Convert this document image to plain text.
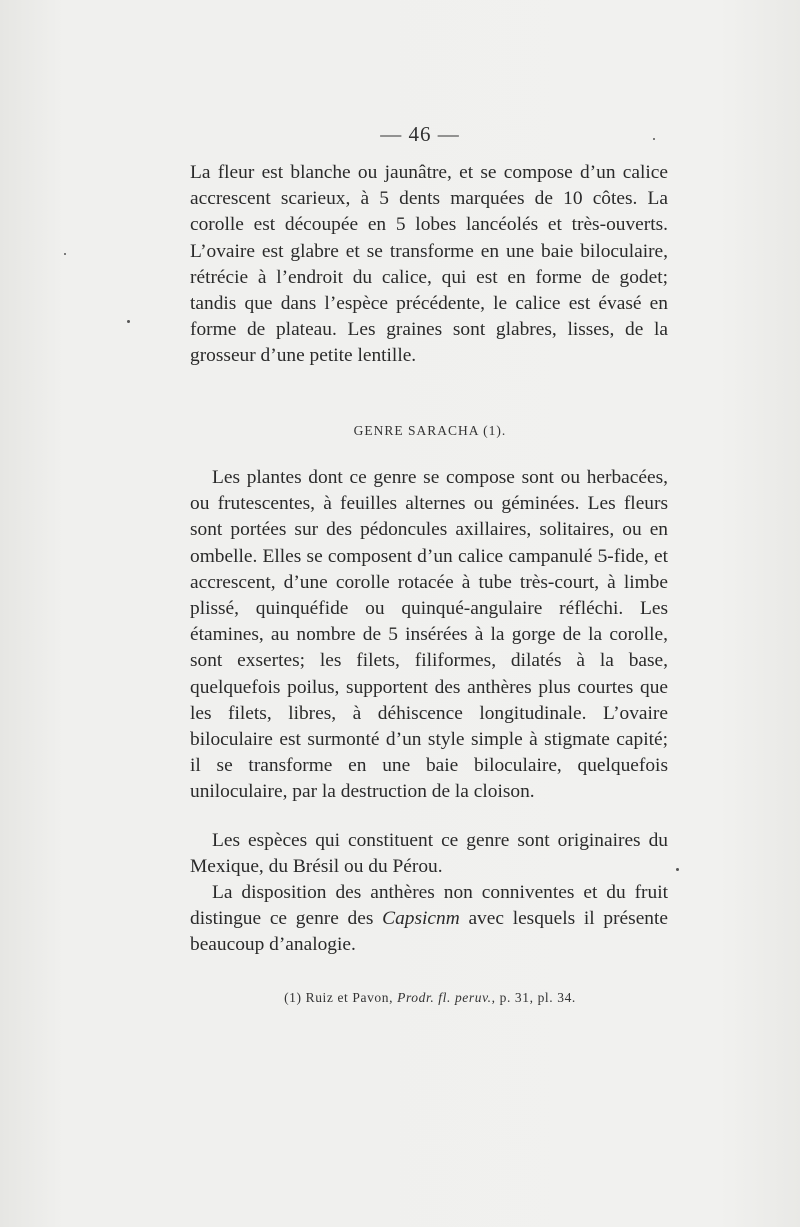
— 46 —
La fleur est blanche ou jaunâtre, et se compose d’un calice accrescent scarieux, à 5 dents marquées de 10 côtes. La corolle est découpée en 5 lobes lancéolés et très-ouverts. L’ovaire est glabre et se transforme en une baie biloculaire, rétrécie à l’endroit du calice, qui est en forme de godet; tandis que dans l’espèce précédente, le calice est évasé en forme de plateau. Les graines sont glabres, lisses, de la grosseur d’une petite lentille.
GENRE SARACHA (1).

Les plantes dont ce genre se compose sont ou herbacées, ou frutescentes, à feuilles alternes ou géminées. Les fleurs sont portées sur des pédoncules axillaires, solitaires, ou en ombelle. Elles se composent d’un calice campanulé 5-fide, et accrescent, d’une corolle rotacée à tube très-court, à limbe plissé, quinquéfide ou quinqué-angulaire réfléchi. Les étamines, au nombre de 5 insérées à la gorge de la corolle, sont exsertes; les filets, filiformes, dilatés à la base, quelquefois poilus, supportent des anthères plus courtes que les filets, libres, à déhiscence longitudinale. L’ovaire biloculaire est surmonté d’un style simple à stigmate capité; il se transforme en une baie biloculaire, quelquefois uniloculaire, par la destruction de la cloison.

Les espèces qui constituent ce genre sont originaires du Mexique, du Brésil ou du Pérou.

La disposition des anthères non conniventes et du fruit distingue ce genre des Capsicnm avec lesquels il présente beaucoup d’analogie.

(1) Ruiz et Pavon, Prodr. fl. peruv., p. 31, pl. 34.
